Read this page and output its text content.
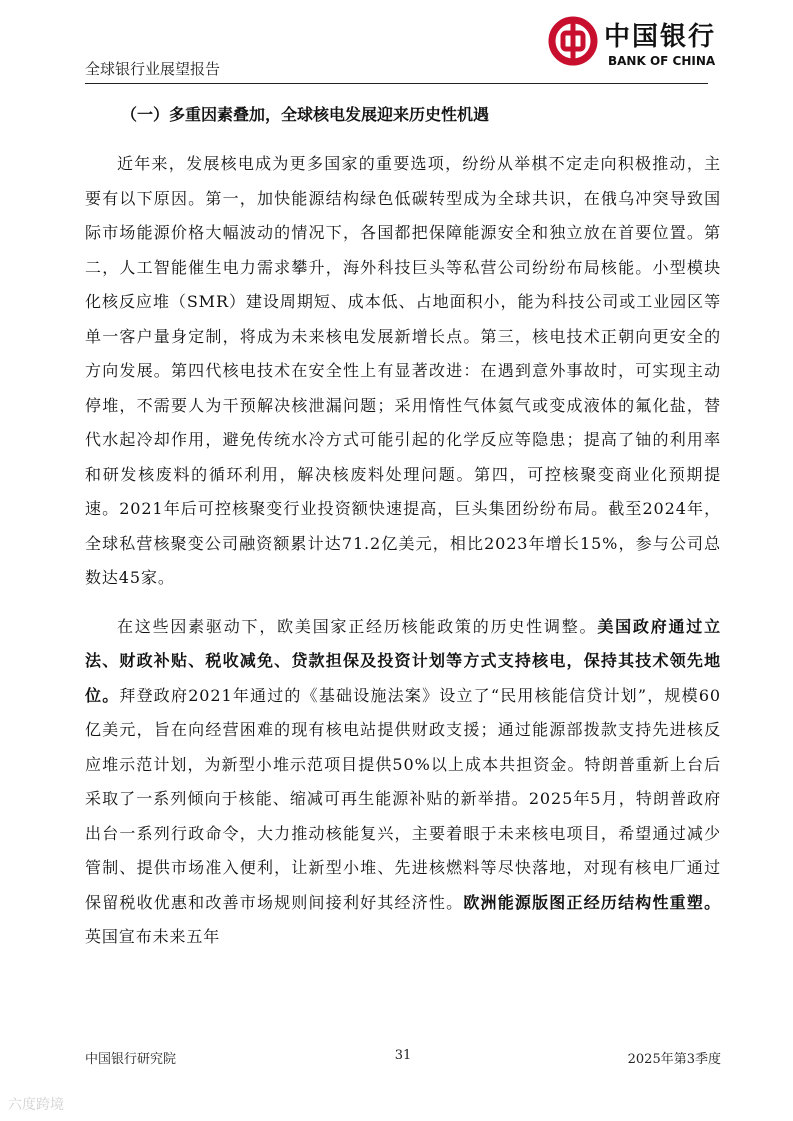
全球银行业展望报告
中国银行
BANK OF CHINA
（一）多重因素叠加，全球核电发展迎来历史性机遇

近年来，发展核电成为更多国家的重要选项，纷纷从举棋不定走向积极推动，主要有以下原因。第一，加快能源结构绿色低碳转型成为全球共识，在俄乌冲突导致国际市场能源价格大幅波动的情况下，各国都把保障能源安全和独立放在首要位置。第二，人工智能催生电力需求攀升，海外科技巨头等私营公司纷纷布局核能。小型模块化核反应堆（SMR）建设周期短、成本低、占地面积小，能为科技公司或工业园区等单一客户量身定制，将成为未来核电发展新增长点。第三，核电技术正朝向更安全的方向发展。第四代核电技术在安全性上有显著改进：在遇到意外事故时，可实现主动停堆，不需要人为干预解决核泄漏问题；采用惰性气体氦气或变成液体的氟化盐，替代水起冷却作用，避免传统水冷方式可能引起的化学反应等隐患；提高了铀的利用率和研发核废料的循环利用，解决核废料处理问题。第四，可控核聚变商业化预期提速。2021年后可控核聚变行业投资额快速提高，巨头集团纷纷布局。截至2024年，全球私营核聚变公司融资额累计达71.2亿美元，相比2023年增长15%，参与公司总数达45家。

在这些因素驱动下，欧美国家正经历核能政策的历史性调整。美国政府通过立法、财政补贴、税收减免、贷款担保及投资计划等方式支持核电，保持其技术领先地位。拜登政府2021年通过的《基础设施法案》设立了“民用核能信贷计划”，规模60亿美元，旨在向经营困难的现有核电站提供财政支援；通过能源部拨款支持先进核反应堆示范计划，为新型小堆示范项目提供50%以上成本共担资金。特朗普重新上台后采取了一系列倾向于核能、缩减可再生能源补贴的新举措。2025年5月，特朗普政府出台一系列行政命令，大力推动核能复兴，主要着眼于未来核电项目，希望通过减少管制、提供市场准入便利，让新型小堆、先进核燃料等尽快落地，对现有核电厂通过保留税收优惠和改善市场规则间接利好其经济性。欧洲能源版图正经历结构性重塑。英国宣布未来五年

中国银行研究院	31	2025年第3季度
六度跨境
